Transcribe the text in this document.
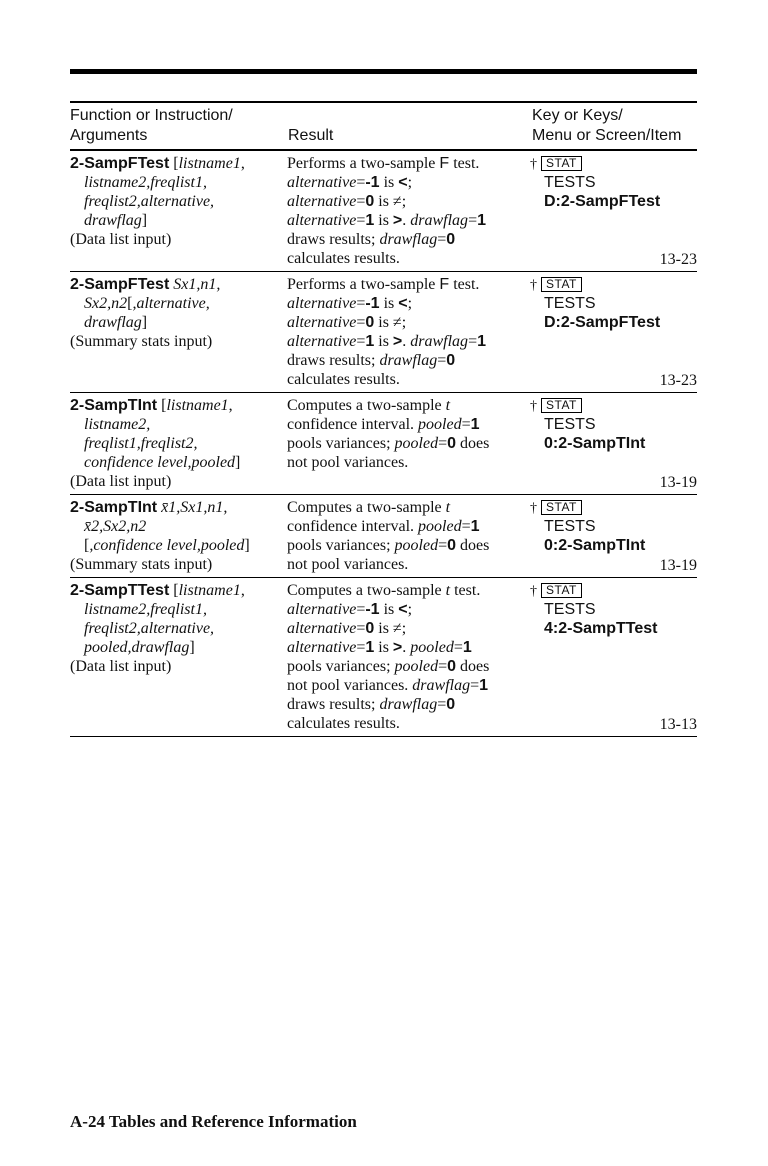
Function or Instruction/
Arguments	Result
Key or Keys/
Menu or Screen/Item
2-SampFTest [listname1,
listname2,freqlist1,
freqlist2,alternative,
drawflag]
(Data list input)
Performs a two-sample F test.
alternative=-1 is <;
alternative=0 is ≠;
alternative=1 is >. drawflag=1
draws results; drawflag=0
calculates results.
† STAT
TESTS
D:2-SampFTest
13-23
2-SampFTest Sx1,n1,
Sx2,n2[,alternative,
drawflag]
(Summary stats input)
Performs a two-sample F test.
alternative=-1 is <;
alternative=0 is ≠;
alternative=1 is >. drawflag=1
draws results; drawflag=0
calculates results.
† STAT
TESTS
D:2-SampFTest
13-23
2-SampTInt [listname1,
listname2,
freqlist1,freqlist2,
confidence level,pooled]
(Data list input)
Computes a two-sample t
confidence interval. pooled=1
pools variances; pooled=0 does
not pool variances.
† STAT
TESTS
0:2-SampTInt
13-19
2-SampTInt x̄1,Sx1,n1,
x̄2,Sx2,n2
[,confidence level,pooled]
(Summary stats input)
Computes a two-sample t
confidence interval. pooled=1
pools variances; pooled=0 does
not pool variances.
† STAT
TESTS
0:2-SampTInt
13-19
2-SampTTest [listname1,
listname2,freqlist1,
freqlist2,alternative,
pooled,drawflag]
(Data list input)
Computes a two-sample t test.
alternative=-1 is <;
alternative=0 is ≠;
alternative=1 is >. pooled=1
pools variances; pooled=0 does
not pool variances. drawflag=1
draws results; drawflag=0
calculates results.
† STAT
TESTS
4:2-SampTTest
13-13
A-24 Tables and Reference Information
